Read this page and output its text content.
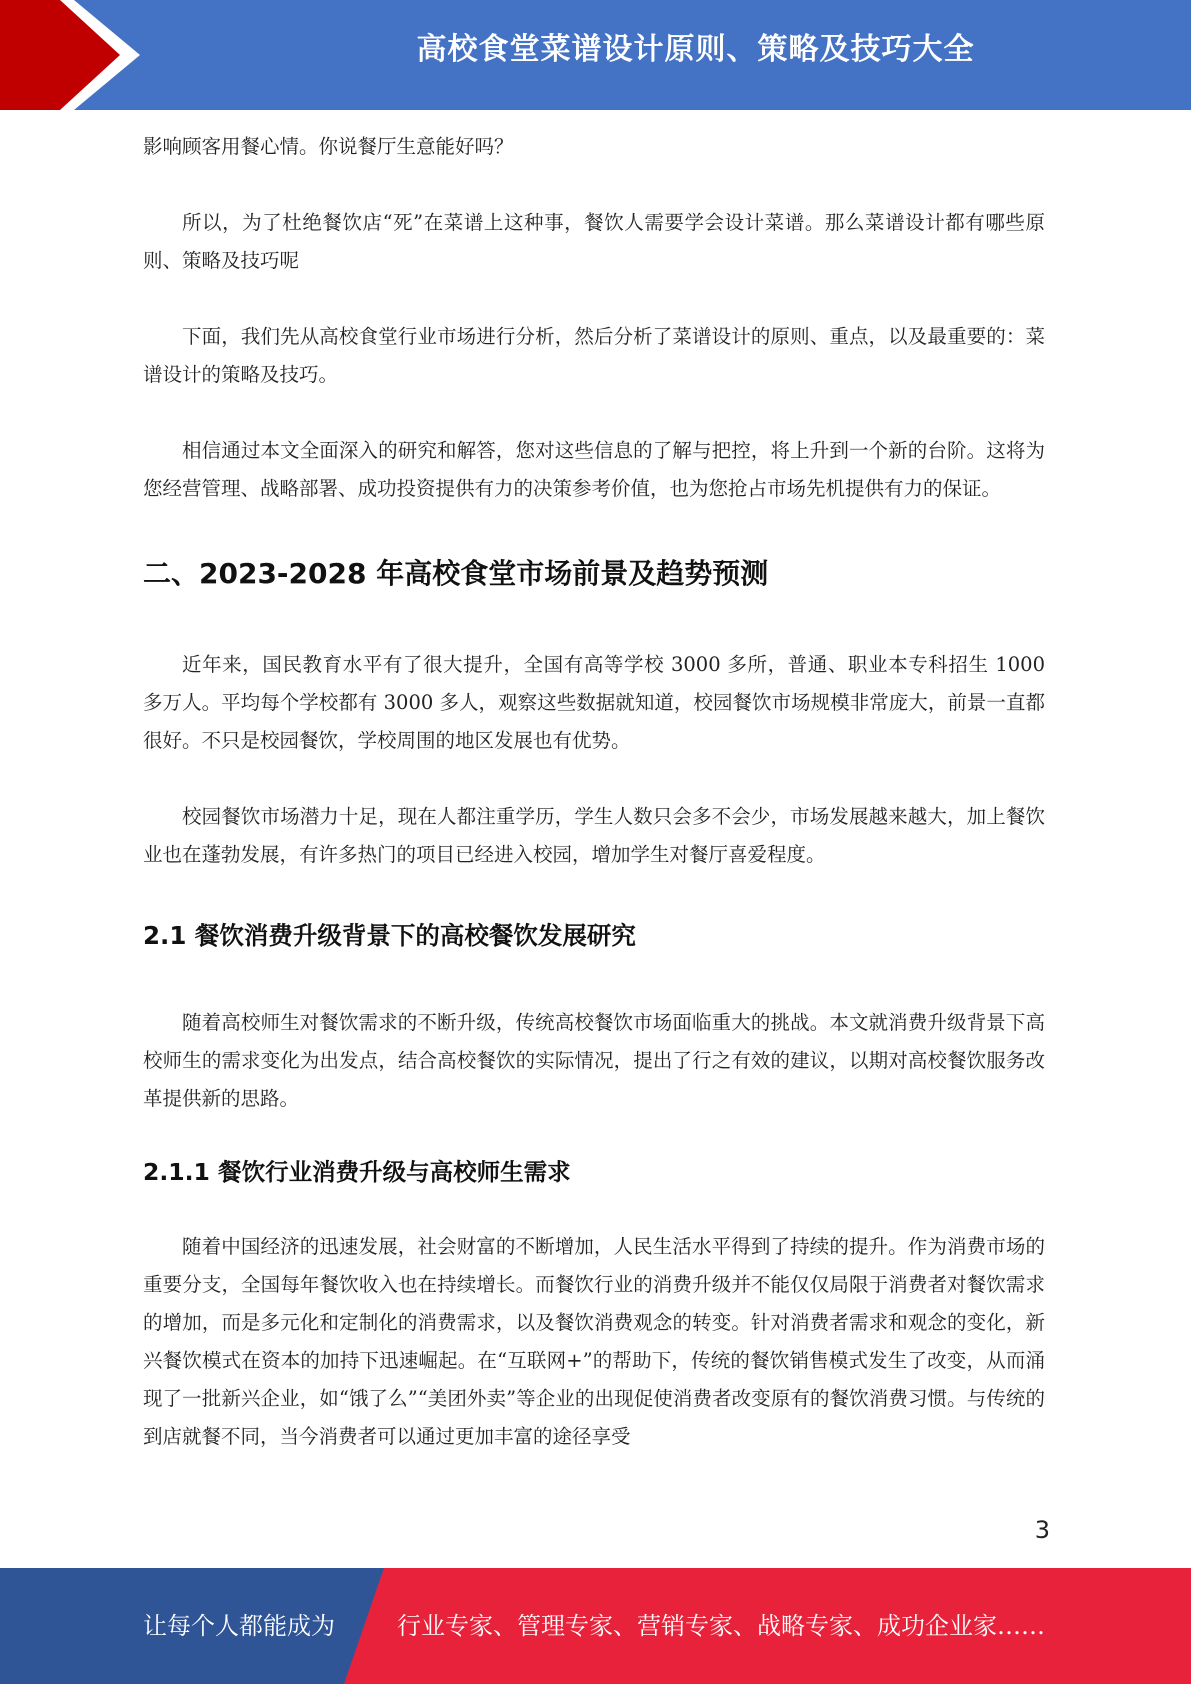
高校食堂菜谱设计原则、策略及技巧大全

影响顾客用餐心情。你说餐厅生意能好吗？

所以，为了杜绝餐饮店“死”在菜谱上这种事，餐饮人需要学会设计菜谱。那么菜谱设计都有哪些原则、策略及技巧呢

下面，我们先从高校食堂行业市场进行分析，然后分析了菜谱设计的原则、重点，以及最重要的：菜谱设计的策略及技巧。

相信通过本文全面深入的研究和解答，您对这些信息的了解与把控，将上升到一个新的台阶。这将为您经营管理、战略部署、成功投资提供有力的决策参考价值，也为您抢占市场先机提供有力的保证。

二、2023-2028 年高校食堂市场前景及趋势预测

近年来，国民教育水平有了很大提升，全国有高等学校 3000 多所，普通、职业本专科招生 1000 多万人。平均每个学校都有 3000 多人，观察这些数据就知道，校园餐饮市场规模非常庞大，前景一直都很好。不只是校园餐饮，学校周围的地区发展也有优势。

校园餐饮市场潜力十足，现在人都注重学历，学生人数只会多不会少，市场发展越来越大，加上餐饮业也在蓬勃发展，有许多热门的项目已经进入校园，增加学生对餐厅喜爱程度。

2.1 餐饮消费升级背景下的高校餐饮发展研究

随着高校师生对餐饮需求的不断升级，传统高校餐饮市场面临重大的挑战。本文就消费升级背景下高校师生的需求变化为出发点，结合高校餐饮的实际情况，提出了行之有效的建议，以期对高校餐饮服务改革提供新的思路。

2.1.1 餐饮行业消费升级与高校师生需求

随着中国经济的迅速发展，社会财富的不断增加，人民生活水平得到了持续的提升。作为消费市场的重要分支，全国每年餐饮收入也在持续增长。而餐饮行业的消费升级并不能仅仅局限于消费者对餐饮需求的增加，而是多元化和定制化的消费需求，以及餐饮消费观念的转变。针对消费者需求和观念的变化，新兴餐饮模式在资本的加持下迅速崛起。在“互联网+”的帮助下，传统的餐饮销售模式发生了改变，从而涌现了一批新兴企业，如“饿了么”“美团外卖”等企业的出现促使消费者改变原有的餐饮消费习惯。与传统的到店就餐不同，当今消费者可以通过更加丰富的途径享受

3
让每个人都能成为	行业专家、管理专家、营销专家、战略专家、成功企业家……
